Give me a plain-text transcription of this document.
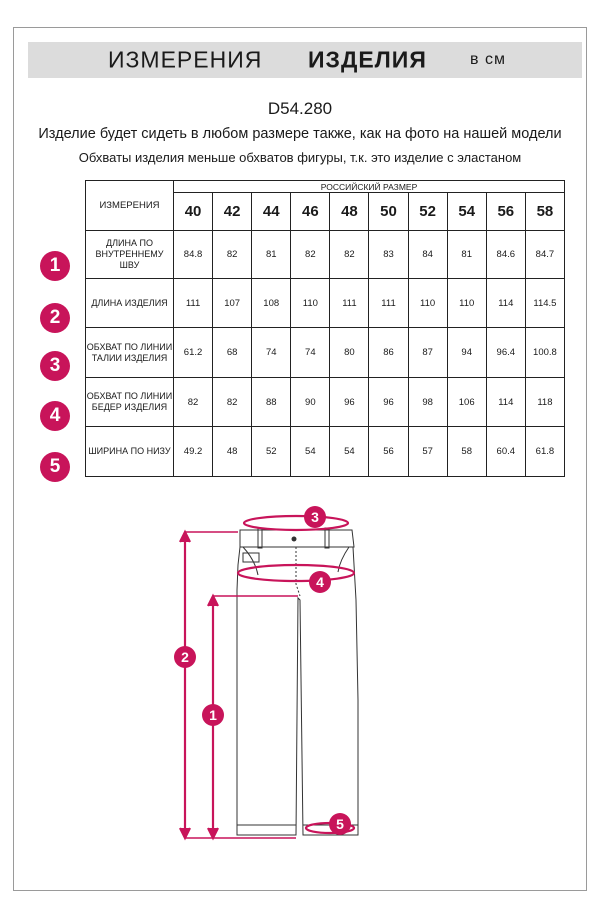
ИЗМЕРЕНИЯ ИЗДЕЛИЯ	в см
D54.280
Изделие будет сидеть в любом размере также, как на фото на нашей модели
Обхваты изделия меньше обхватов фигуры, т.к. это изделие с эластаном
ИЗМЕРЕНИЯ	РОССИЙСКИЙ РАЗМЕР									
	40	42	44	46	48	50	52	54	56	58
ДЛИНА ПО ВНУТРЕННЕМУ ШВУ	84.8	82	81	82	82	83	84	81	84.6	84.7
ДЛИНА ИЗДЕЛИЯ	111	107	108	110	111	111	110	110	114	114.5
ОБХВАТ ПО ЛИНИИ ТАЛИИ ИЗДЕЛИЯ	61.2	68	74	74	80	86	87	94	96.4	100.8
ОБХВАТ ПО ЛИНИИ БЕДЕР ИЗДЕЛИЯ	82	82	88	90	96	96	98	106	114	118
ШИРИНА ПО НИЗУ	49.2	48	52	54	54	56	57	58	60.4	61.8
1
2
3
4
5
3
4
2
1
5
